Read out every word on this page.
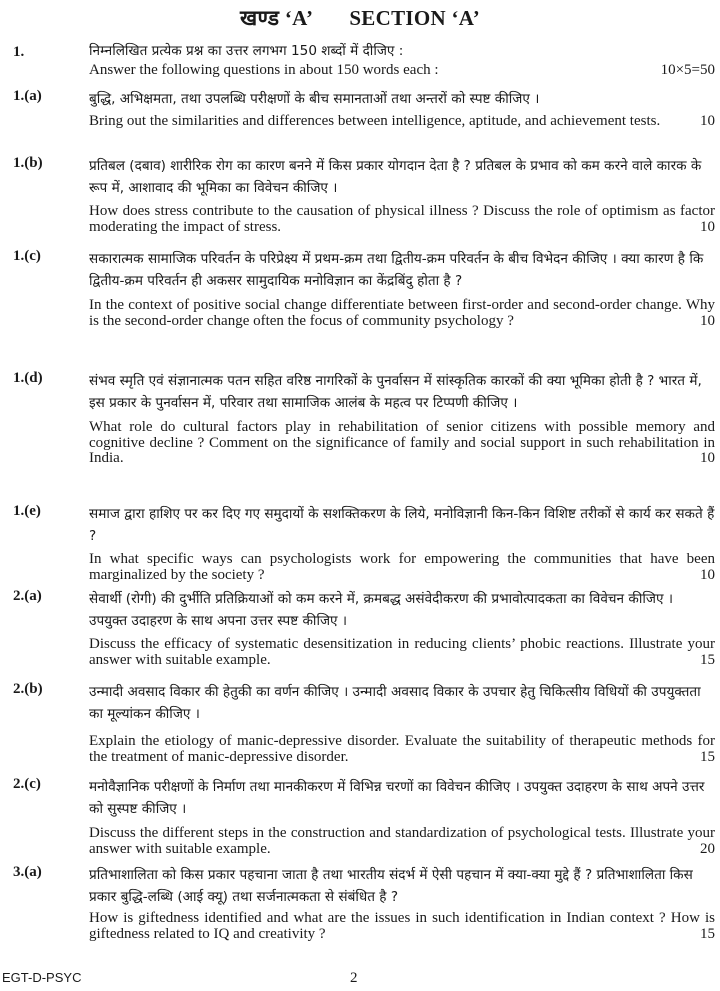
खण्ड ‘A’ SECTION ‘A’
1.	निम्नलिखित प्रत्येक प्रश्न का उत्तर लगभग 150 शब्दों में दीजिए :

Answer the following questions in about 150 words each :	10×5=50
1.(a)	बुद्धि, अभिक्षमता, तथा उपलब्धि परीक्षणों के बीच समानताओं तथा अन्तरों को स्पष्ट कीजिए ।

Bring out the similarities and differences between intelligence, aptitude, and achievement tests.	10

1.(b)	प्रतिबल (दबाव) शारीरिक रोग का कारण बनने में किस प्रकार योगदान देता है ? प्रतिबल के प्रभाव को कम करने वाले कारक के रूप में, आशावाद की भूमिका का विवेचन कीजिए ।

How does stress contribute to the causation of physical illness ? Discuss the role of optimism as factor moderating the impact of stress.	10

1.(c)	सकारात्मक सामाजिक परिवर्तन के परिप्रेक्ष्य में प्रथम-क्रम तथा द्वितीय-क्रम परिवर्तन के बीच विभेदन कीजिए । क्या कारण है कि द्वितीय-क्रम परिवर्तन ही अकसर सामुदायिक मनोविज्ञान का केंद्रबिंदु होता है ?

In the context of positive social change differentiate between first-order and second-order change. Why is the second-order change often the focus of community psychology ?	10

1.(d)	संभव स्मृति एवं संज्ञानात्मक पतन सहित वरिष्ठ नागरिकों के पुनर्वासन में सांस्कृतिक कारकों की क्या भूमिका होती है ? भारत में, इस प्रकार के पुनर्वासन में, परिवार तथा सामाजिक आलंब के महत्व पर टिप्पणी कीजिए ।

What role do cultural factors play in rehabilitation of senior citizens with possible memory and cognitive decline ? Comment on the significance of family and social support in such rehabilitation in India.	10

1.(e)	समाज द्वारा हाशिए पर कर दिए गए समुदायों के सशक्तिकरण के लिये, मनोविज्ञानी किन-किन विशिष्ट तरीकों से कार्य कर सकते हैं ?

In what specific ways can psychologists work for empowering the communities that have been marginalized by the society ?	10

2.(a)	सेवार्थी (रोगी) की दुर्भीति प्रतिक्रियाओं को कम करने में, क्रमबद्ध असंवेदीकरण की प्रभावोत्पादकता का विवेचन कीजिए । उपयुक्त उदाहरण के साथ अपना उत्तर स्पष्ट कीजिए ।

Discuss the efficacy of systematic desensitization in reducing clients’ phobic reactions. Illustrate your answer with suitable example.	15

2.(b)	उन्मादी अवसाद विकार की हेतुकी का वर्णन कीजिए । उन्मादी अवसाद विकार के उपचार हेतु चिकित्सीय विधियों की उपयुक्तता का मूल्यांकन कीजिए ।

Explain the etiology of manic-depressive disorder. Evaluate the suitability of therapeutic methods for the treatment of manic-depressive disorder.	15

2.(c)	मनोवैज्ञानिक परीक्षणों के निर्माण तथा मानकीकरण में विभिन्न चरणों का विवेचन कीजिए । उपयुक्त उदाहरण के साथ अपने उत्तर को सुस्पष्ट कीजिए ।

Discuss the different steps in the construction and standardization of psychological tests. Illustrate your answer with suitable example.	20

3.(a)	प्रतिभाशालिता को किस प्रकार पहचाना जाता है तथा भारतीय संदर्भ में ऐसी पहचान में क्या-क्या मुद्दे हैं ? प्रतिभाशालिता किस प्रकार बुद्धि-लब्धि (आई क्यू) तथा सर्जनात्मकता से संबंधित है ?

How is giftedness identified and what are the issues in such identification in Indian context ? How is giftedness related to IQ and creativity ?	15

EGT-D-PSYC	2
